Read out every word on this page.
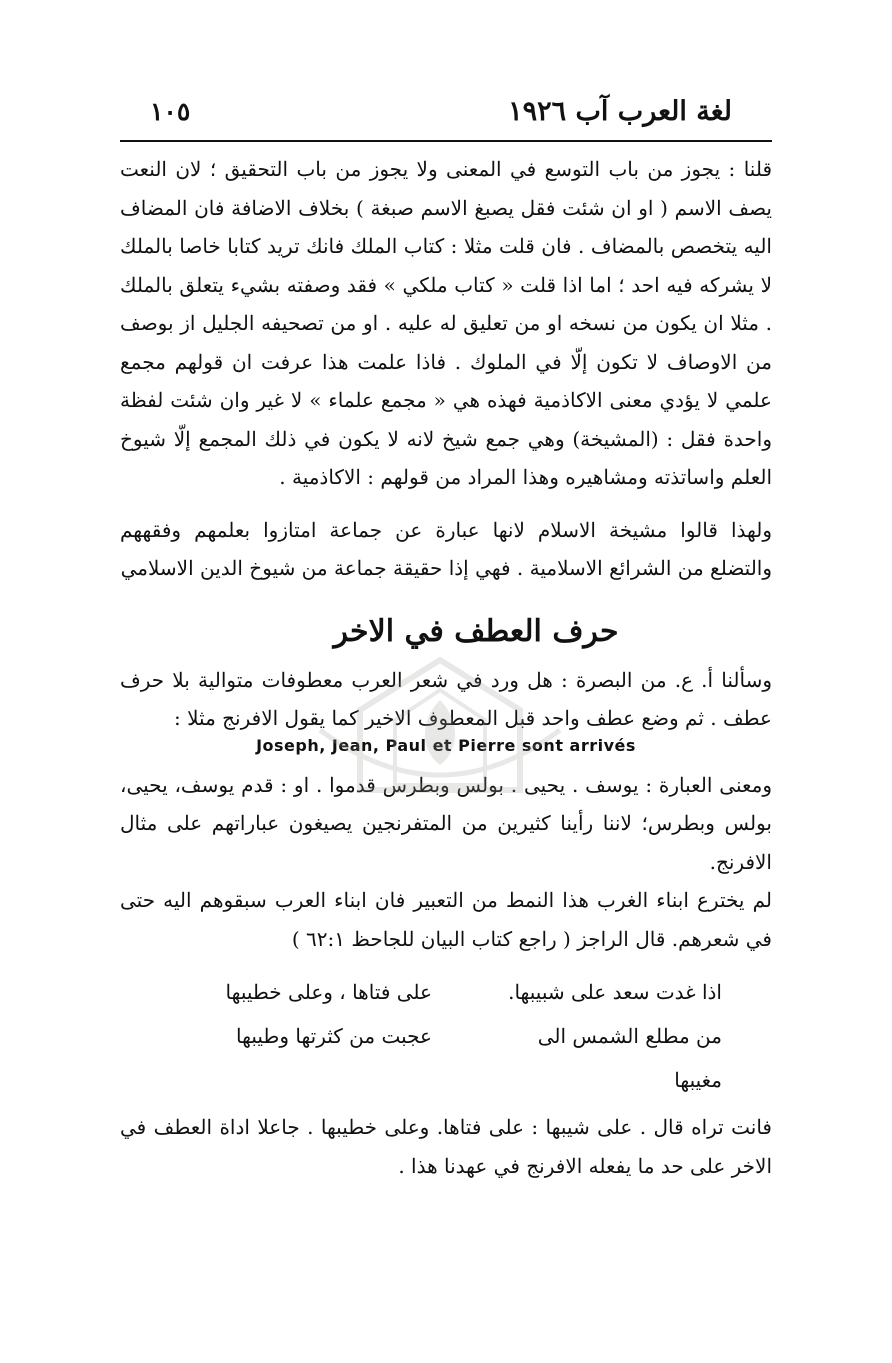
لغة العرب آب ١٩٢٦
١٠٥

قلنا : يجوز من باب التوسع في المعنى ولا يجوز من باب التحقيق ؛ لان النعت يصف الاسم ( او ان شئت فقل يصبغ الاسم صبغة ) بخلاف الاضافة فان المضاف اليه يتخصص بالمضاف . فان قلت مثلا : كتاب الملك فانك تريد كتابا خاصا بالملك لا يشركه فيه احد ؛ اما اذا قلت « كتاب ملكي » فقد وصفته بشيء يتعلق بالملك . مثلا ان يكون من نسخه او من تعليق له عليه . او من تصحيفه الجليل از بوصف من الاوصاف لا تكون إلّا في الملوك . فاذا علمت هذا عرفت ان قولهم مجمع علمي لا يؤدي معنى الاكاذمية فهذه هي « مجمع علماء » لا غير وان شئت لفظة واحدة فقل : (المشيخة) وهي جمع شيخ لانه لا يكون في ذلك المجمع إلّا شيوخ العلم واساتذته ومشاهيره وهذا المراد من قولهم : الاكاذمية .

ولهذا قالوا مشيخة الاسلام لانها عبارة عن جماعة امتازوا بعلمهم وفقههم والتضلع من الشرائع الاسلامية . فهي إذا حقيقة جماعة من شيوخ الدين الاسلامي

حرف العطف في الاخر

وسألنا أ. ع. من البصرة : هل ورد في شعر العرب معطوفات متوالية بلا حرف عطف . ثم وضع عطف واحد قبل المعطوف الاخير كما يقول الافرنج مثلا :

Joseph, Jean, Paul et Pierre sont arrivés

ومعنى العبارة : يوسف . يحيى . بولس وبطرس قدموا . او : قدم يوسف، يحيى، بولس وبطرس؛ لاننا رأينا كثيرين من المتفرنجين يصيغون عباراتهم على مثال الافرنج.

لم يخترع ابناء الغرب هذا النمط من التعبير فان ابناء العرب سبقوهم اليه حتى في شعرهم. قال الراجز ( راجع كتاب البيان للجاحظ ٦٢:١ )

اذا غدت سعد على شبيبها.
على فتاها ، وعلى خطيبها
من مطلع الشمس الى مغيبها
عجبت من كثرتها وطيبها

فانت تراه قال . على شيبها : على فتاها. وعلى خطيبها . جاعلا اداة العطف في الاخر على حد ما يفعله الافرنج في عهدنا هذا .
